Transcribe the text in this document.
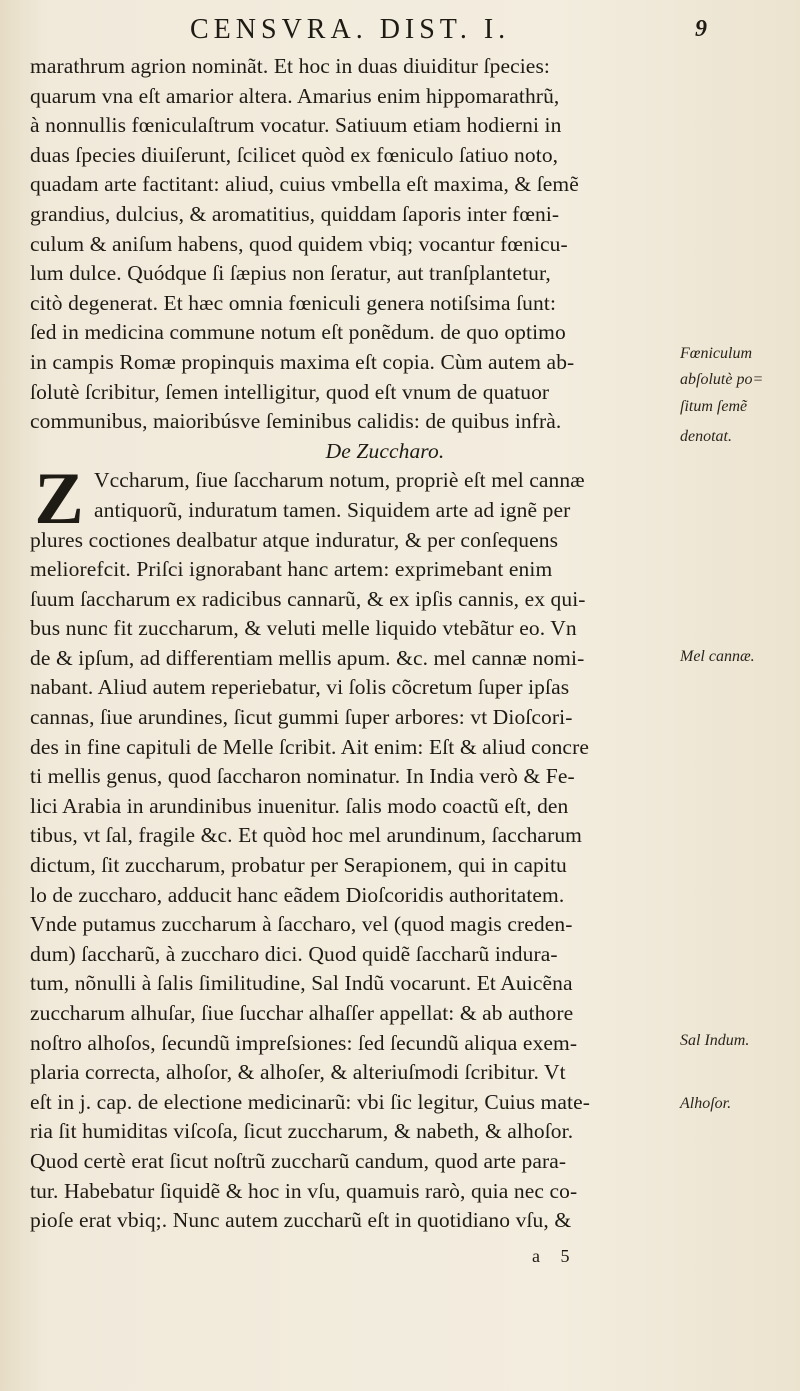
CENSVRA. DIST. I.	9
marathrum agrion nominãt. Et hoc in duas diuiditur ſpecies:
quarum vna eſt amarior altera. Amarius enim hippomarathrũ,
à nonnullis fœniculaſtrum vocatur. Satiuum etiam hodierni in
duas ſpecies diuiſerunt, ſcilicet quòd ex fœniculo ſatiuo noto,
quadam arte factitant: aliud, cuius vmbella eſt maxima, & ſemẽ
grandius, dulcius, & aromatitius, quiddam ſaporis inter fœni-
culum & aniſum habens, quod quidem vbiq; vocantur fœnicu-
lum dulce. Quódque ſi ſæpius non ſeratur, aut tranſplantetur,
citò degenerat. Et hæc omnia fœniculi genera notiſsima ſunt:
ſed in medicina commune notum eſt ponẽdum. de quo optimo
in campis Romæ propinquis maxima eſt copia. Cùm autem ab-
ſolutè ſcribitur, ſemen intelligitur, quod eſt vnum de quatuor
communibus, maioribúsve ſeminibus calidis: de quibus infrà.
De Zuccharo.
Vccharum, ſiue ſaccharum notum, propriè eſt mel cannæ
antiquorũ, induratum tamen. Siquidem arte ad ignẽ per
plures coctiones dealbatur atque induratur, & per conſequens
meliorefcit. Priſci ignorabant hanc artem: exprimebant enim
ſuum ſaccharum ex radicibus cannarũ, & ex ipſis cannis, ex qui-
bus nunc fit zuccharum, & veluti melle liquido vtebãtur eo. Vn
de & ipſum, ad differentiam mellis apum. &c. mel cannæ nomi-
nabant. Aliud autem reperiebatur, vi ſolis cõcretum ſuper ipſas
cannas, ſiue arundines, ſicut gummi ſuper arbores: vt Dioſcori-
des in fine capituli de Melle ſcribit. Ait enim: Eſt & aliud concre
ti mellis genus, quod ſaccharon nominatur. In India verò & Fe-
lici Arabia in arundinibus inuenitur. ſalis modo coactũ eſt, den
tibus, vt ſal, fragile &c. Et quòd hoc mel arundinum, ſaccharum
dictum, ſit zuccharum, probatur per Serapionem, qui in capitu
lo de zuccharo, adducit hanc eãdem Dioſcoridis authoritatem.
Vnde putamus zuccharum à ſaccharo, vel (quod magis creden-
dum) ſaccharũ, à zuccharo dici. Quod quidẽ ſaccharũ indura-
tum, nõnulli à ſalis ſimilitudine, Sal Indũ vocarunt. Et Auicẽna
zuccharum alhuſar, ſiue ſucchar alhaſſer appellat: & ab authore
noſtro alhoſos, ſecundũ impreſsiones: ſed ſecundũ aliqua exem-
plaria correcta, alhoſor, & alhoſer, & alteriuſmodi ſcribitur. Vt
eſt in j. cap. de electione medicinarũ: vbi ſic legitur, Cuius mate-
ria ſit humiditas viſcoſa, ſicut zuccharum, & nabeth, & alhoſor.
Quod certè erat ſicut noſtrũ zuccharũ candum, quod arte para-
tur. Habebatur ſiquidẽ & hoc in vſu, quamuis rarò, quia nec co-
pioſe erat vbiq;. Nunc autem zuccharũ eſt in quotidiano vſu, &
Z
Fœniculum
abſolutè po=
ſitum ſemẽ
denotat.
Mel cannæ.
Sal Indum.
Alhoſor.
a 5
